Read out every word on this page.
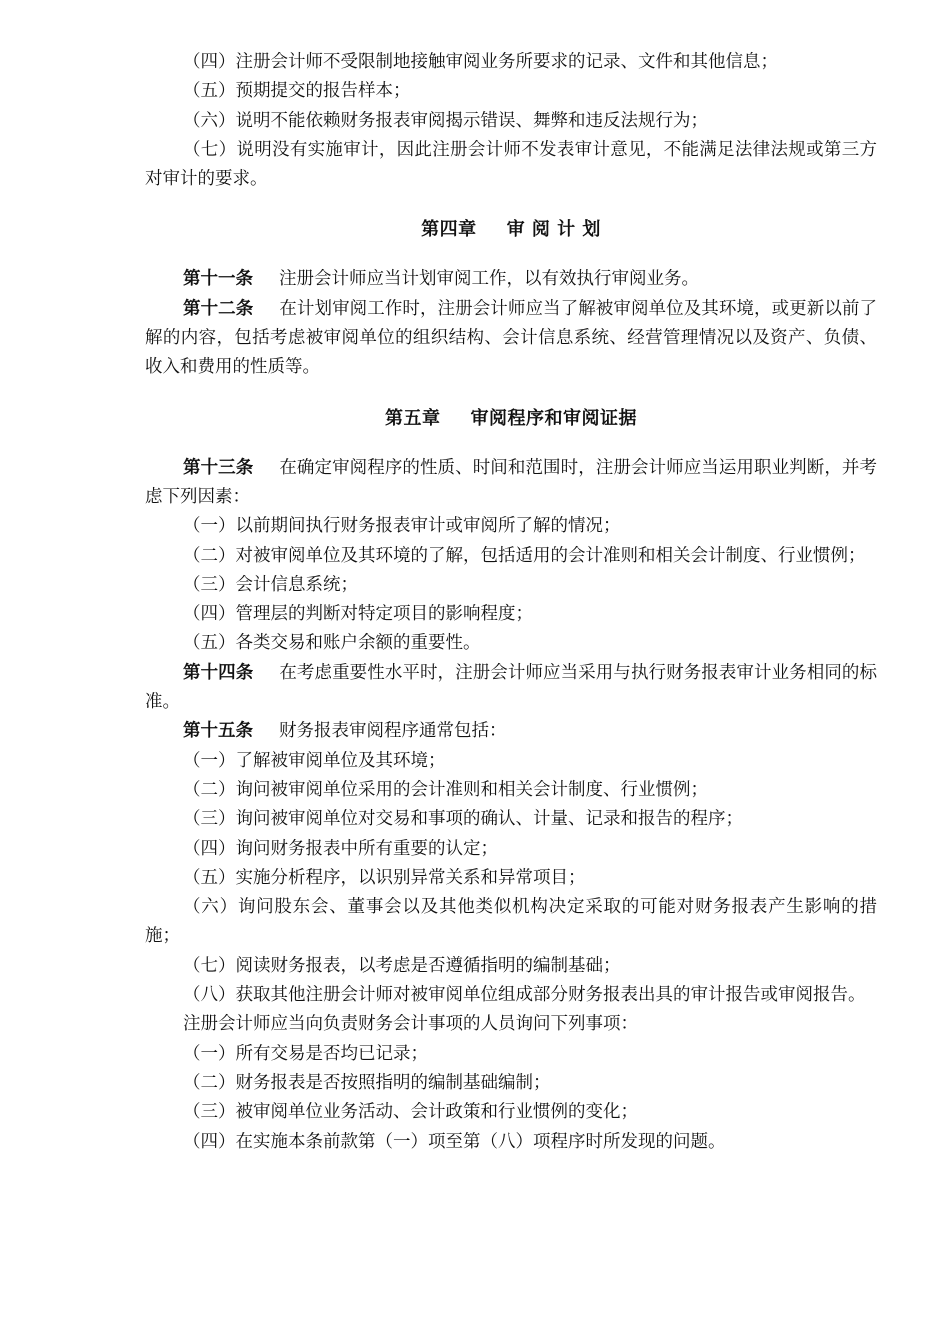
（四）注册会计师不受限制地接触审阅业务所要求的记录、文件和其他信息；

（五）预期提交的报告样本；

（六）说明不能依赖财务报表审阅揭示错误、舞弊和违反法规行为；

（七）说明没有实施审计，因此注册会计师不发表审计意见，不能满足法律法规或第三方对审计的要求。

第四章 审 阅 计 划

第十一条 注册会计师应当计划审阅工作，以有效执行审阅业务。

第十二条 在计划审阅工作时，注册会计师应当了解被审阅单位及其环境，或更新以前了解的内容，包括考虑被审阅单位的组织结构、会计信息系统、经营管理情况以及资产、负债、收入和费用的性质等。

第五章 审阅程序和审阅证据

第十三条 在确定审阅程序的性质、时间和范围时，注册会计师应当运用职业判断，并考虑下列因素：

（一）以前期间执行财务报表审计或审阅所了解的情况；

（二）对被审阅单位及其环境的了解，包括适用的会计准则和相关会计制度、行业惯例；

（三）会计信息系统；

（四）管理层的判断对特定项目的影响程度；

（五）各类交易和账户余额的重要性。

第十四条 在考虑重要性水平时，注册会计师应当采用与执行财务报表审计业务相同的标准。

第十五条 财务报表审阅程序通常包括：

（一）了解被审阅单位及其环境；

（二）询问被审阅单位采用的会计准则和相关会计制度、行业惯例；

（三）询问被审阅单位对交易和事项的确认、计量、记录和报告的程序；

（四）询问财务报表中所有重要的认定；

（五）实施分析程序，以识别异常关系和异常项目；

（六）询问股东会、董事会以及其他类似机构决定采取的可能对财务报表产生影响的措施；

（七）阅读财务报表，以考虑是否遵循指明的编制基础；

（八）获取其他注册会计师对被审阅单位组成部分财务报表出具的审计报告或审阅报告。

注册会计师应当向负责财务会计事项的人员询问下列事项：

（一）所有交易是否均已记录；

（二）财务报表是否按照指明的编制基础编制；

（三）被审阅单位业务活动、会计政策和行业惯例的变化；

（四）在实施本条前款第（一）项至第（八）项程序时所发现的问题。
